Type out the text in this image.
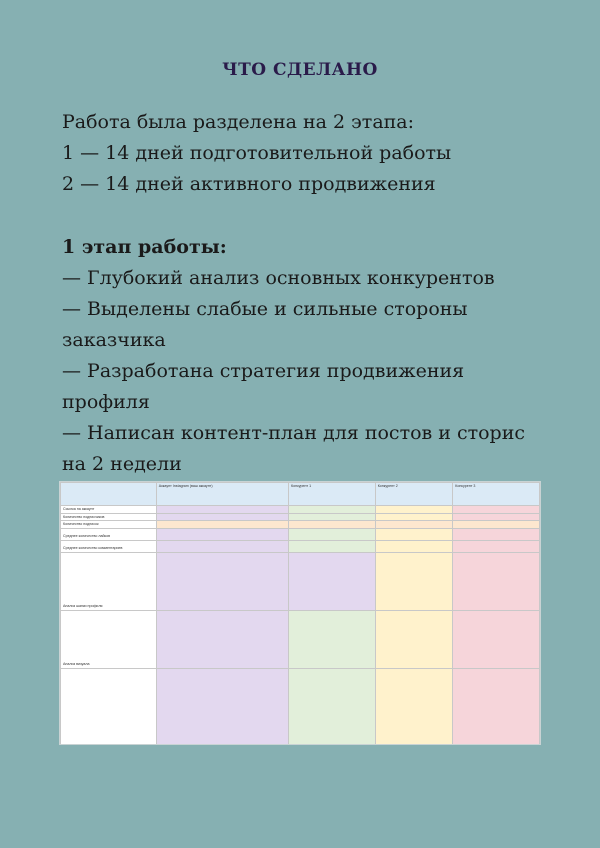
ЧТО СДЕЛАНО
Работа была разделена на 2 этапа:
1 — 14 дней подготовительной работы
2 — 14 дней активного продвижения
1 этап работы:
— Глубокий анализ основных конкурентов
— Выделены слабые и сильные стороны заказчика
— Разработана стратегия продвижения профиля
— Написан контент-план для постов и сторис на 2 недели
	Аккаунт Instagram (ваш аккаунт)	Конкурент 1	Конкурент 2	Конкурент 3
Ссылка на аккаунт				
Количество подписчиков				
Количество подписок				
Среднее количество лайков				
Среднее количество комментариев				
Анализ шапки профиля				
Анализ визуала				
